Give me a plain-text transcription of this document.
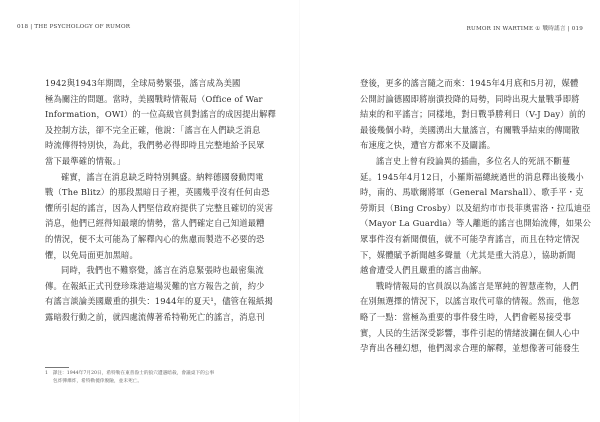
018 | THE PSYCHOLOGY OF RUMOR
1942與1943年期間，全球局勢緊張，謠言成為美國
極為關注的問題。當時，美國戰時情報局（Office of War
Information，OWI）的一位高級官員對謠言的成因提出解釋
及控制方法，卻不完全正確，他說：「謠言在人們缺乏消息
時流傳得特別快，為此，我們勢必得即時且完整地給予民眾
當下最準確的情報。」
確實，謠言在消息缺乏時特別興盛。納粹德國發動閃電
戰（The Blitz）的那段黑暗日子裡，英國幾乎沒有任何由恐
懼所引起的謠言，因為人們堅信政府提供了完整且確切的災害
消息，他們已經得知最壞的情勢，當人們確定自己知道最糟
的情況，便不太可能為了解釋內心的焦慮而製造不必要的恐
懼，以免局面更加黑暗。
同時，我們也不難察覺，謠言在消息緊張時也最密集流
傳。在報紙正式刊登珍珠港這場災難的官方報告之前，約少
有謠言談論美國嚴重的損失：1944年的夏天¹，儘管在報紙揭
露暗殺行動之前，就四處流傳著希特勒死亡的謠言，消息刊
1　譯注：1944年7月20日，希特勒在東普魯士的狼穴遭遇暗殺，會議桌下的公事
包炸彈爆炸，希特勒僥倖脫險，並未死亡。
RUMOR IN WARTIME ① 戰時謠言 | 019
登後，更多的謠言隨之而來：1945年4月底和5月初，媒體
公開討論德國即將崩潰投降的局勢，同時出現大量戰爭即將
結束的和平謠言；同樣地，對日戰爭勝利日（V-J Day）前的
最後幾個小時，美國湧出大量謠言，有關戰爭結束的傳聞散
布速度之快，遭官方都來不及闢謠。
謠言史上曾有段論異的插曲，多位名人的死訊不斷蔓
延。1945年4月12日，小羅斯福總統過世的消息釋出後幾小
時，南的、馬歇爾將軍（General Marshall）、歌手平・克
勞斯貝（Bing Crosby）以及紐約市市長菲奧雷洛・拉瓜迪亞
（Mayor La Guardia）等人離逝的謠言也開始流傳，如果公
眾事件沒有新聞價值，就不可能孕育謠言，而且在特定情況
下，媒體賦予新聞越多聲量（尤其是重大消息），協助新聞
越會遭受人們且嚴重的謠言曲解。
戰時情報局的官員誤以為謠言是單純的智慧產物，人們
在別無選擇的情況下，以謠言取代可靠的情報。然而，他忽
略了一點：當極為重要的事件發生時，人們會輕易接受事
實，人民的生活深受影響，事件引起的情緒波瀾在個人心中
孕育出各種幻想，他們渴求合理的解釋，並想像著可能發生
